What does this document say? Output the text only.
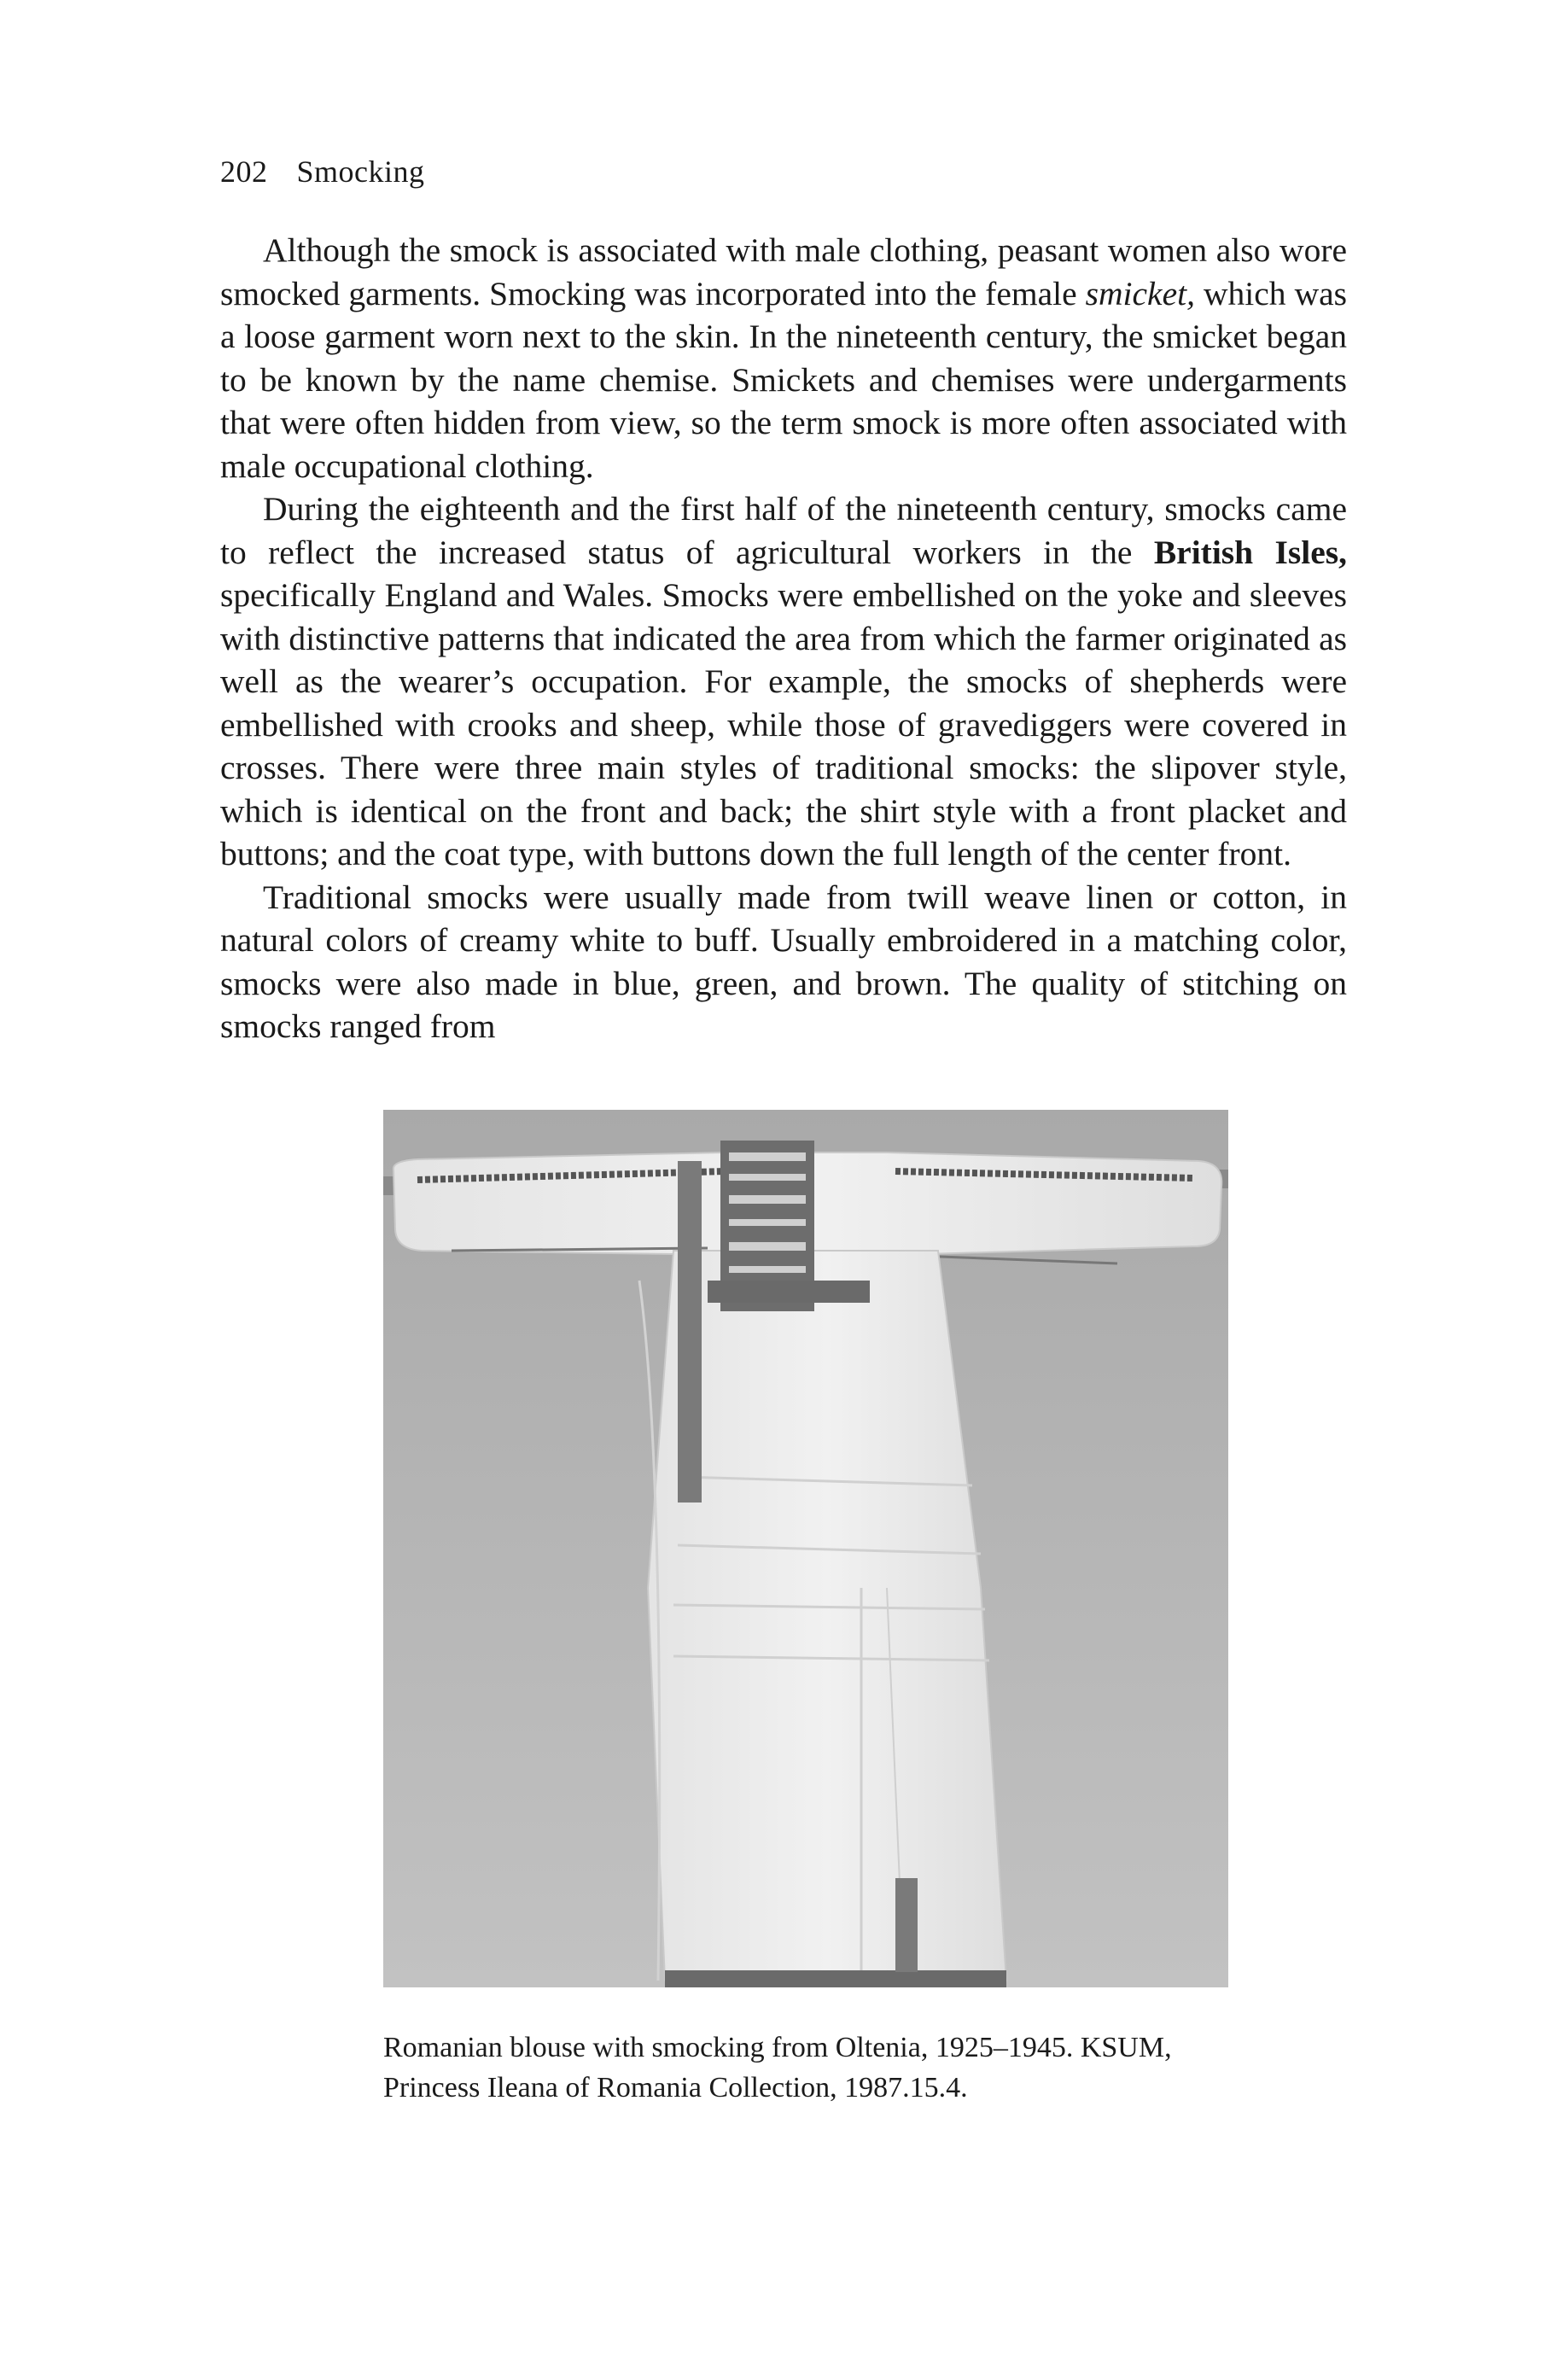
202 Smocking

Although the smock is associated with male clothing, peasant women also wore smocked garments. Smocking was incorporated into the female smicket, which was a loose garment worn next to the skin. In the nineteenth century, the smicket began to be known by the name chemise. Smickets and chemises were undergarments that were often hidden from view, so the term smock is more often associated with male occupational clothing.

During the eighteenth and the first half of the nineteenth century, smocks came to reflect the increased status of agricultural workers in the British Isles, specifically England and Wales. Smocks were embellished on the yoke and sleeves with distinctive patterns that indicated the area from which the farmer originated as well as the wearer’s occupation. For example, the smocks of shepherds were embellished with crooks and sheep, while those of gravediggers were covered in crosses. There were three main styles of traditional smocks: the slipover style, which is identical on the front and back; the shirt style with a front placket and buttons; and the coat type, with buttons down the full length of the center front.

Traditional smocks were usually made from twill weave linen or cotton, in natural colors of creamy white to buff. Usually embroidered in a matching color, smocks were also made in blue, green, and brown. The quality of stitching on smocks ranged from

Romanian blouse with smocking from Oltenia, 1925–1945. KSUM,
Princess Ileana of Romania Collection, 1987.15.4.
